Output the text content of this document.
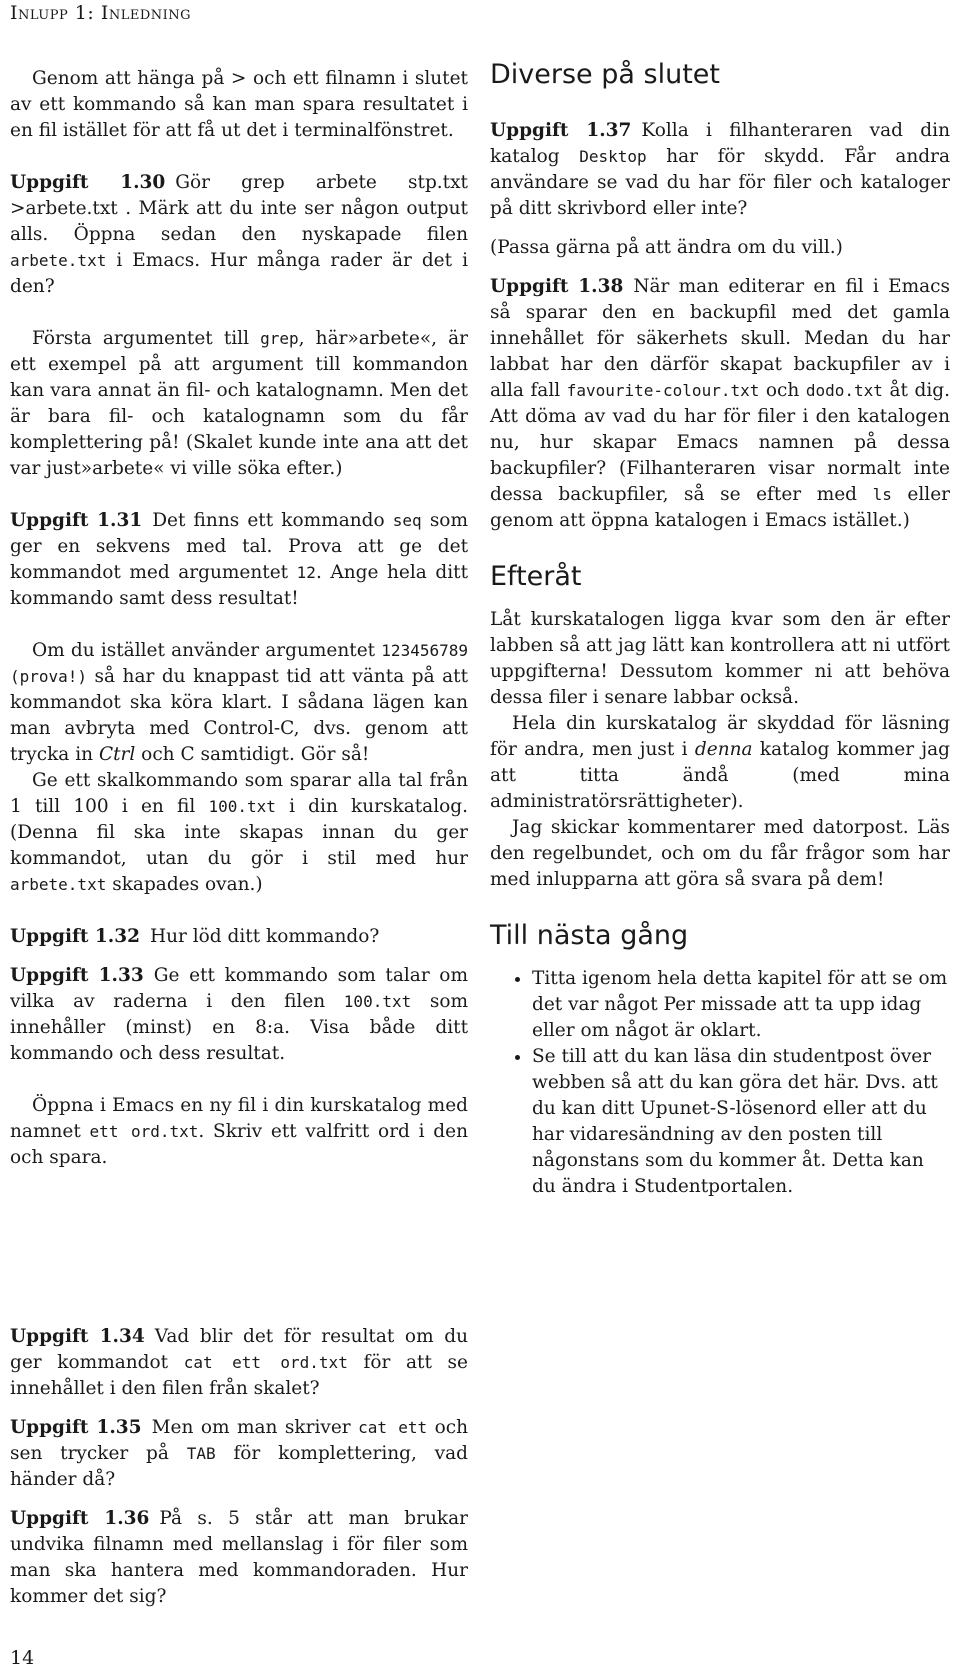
Inlupp 1: Inledning

Genom att hänga på > och ett filnamn i slutet av ett kommando så kan man spara resultatet i en fil istället för att få ut det i terminalfönstret.

Uppgift 1.30 Gör grep arbete stp.txt >arbete.txt . Märk att du inte ser någon output alls. Öppna sedan den nyskapade filen arbete.txt i Emacs. Hur många rader är det i den?

Första argumentet till grep, här»arbete«, är ett exempel på att argument till kommandon kan vara annat än fil- och katalognamn. Men det är bara fil- och katalognamn som du får komplettering på! (Skalet kunde inte ana att det var just»arbete« vi ville söka efter.)

Uppgift 1.31 Det finns ett kommando seq som ger en sekvens med tal. Prova att ge det kommandot med argumentet 12. Ange hela ditt kommando samt dess resultat!

Om du istället använder argumentet 123456789 (prova!) så har du knappast tid att vänta på att kommandot ska köra klart. I sådana lägen kan man avbryta med Control-C, dvs. genom att trycka in Ctrl och C samtidigt. Gör så!

Ge ett skalkommando som sparar alla tal från 1 till 100 i en fil 100.txt i din kurskatalog. (Denna fil ska inte skapas innan du ger kommandot, utan du gör i stil med hur arbete.txt skapades ovan.)

Uppgift 1.32 Hur löd ditt kommando?

Uppgift 1.33 Ge ett kommando som talar om vilka av raderna i den filen 100.txt som innehåller (minst) en 8:a. Visa både ditt kommando och dess resultat.

Öppna i Emacs en ny fil i din kurskatalog med namnet ett ord.txt. Skriv ett valfritt ord i den och spara.

Diverse på slutet

Uppgift 1.37 Kolla i filhanteraren vad din katalog Desktop har för skydd. Får andra användare se vad du har för filer och kataloger på ditt skrivbord eller inte?

(Passa gärna på att ändra om du vill.)

Uppgift 1.38 När man editerar en fil i Emacs så sparar den en backupfil med det gamla innehållet för säkerhets skull. Medan du har labbat har den därför skapat backupfiler av i alla fall favourite-colour.txt och dodo.txt åt dig. Att döma av vad du har för filer i den katalogen nu, hur skapar Emacs namnen på dessa backupfiler? (Filhanteraren visar normalt inte dessa backupfiler, så se efter med ls eller genom att öppna katalogen i Emacs istället.)

Efteråt

Låt kurskatalogen ligga kvar som den är efter labben så att jag lätt kan kontrollera att ni utfört uppgifterna! Dessutom kommer ni att behöva dessa filer i senare labbar också.

Hela din kurskatalog är skyddad för läsning för andra, men just i denna katalog kommer jag att titta ändå (med mina administratörsrättigheter).

Jag skickar kommentarer med datorpost. Läs den regelbundet, och om du får frågor som har med inlupparna att göra så svara på dem!

Till nästa gång
• Titta igenom hela detta kapitel för att se om det var något Per missade att ta upp idag eller om något är oklart.
• Se till att du kan läsa din studentpost över webben så att du kan göra det här. Dvs. att du kan ditt Upunet-S-lösenord eller att du har vidaresändning av den posten till någonstans som du kommer åt. Detta kan du ändra i Studentportalen.

Uppgift 1.34 Vad blir det för resultat om du ger kommandot cat ett ord.txt för att se innehållet i den filen från skalet?

Uppgift 1.35 Men om man skriver cat ett och sen trycker på TAB för komplettering, vad händer då?

Uppgift 1.36 På s. 5 står att man brukar undvika filnamn med mellanslag i för filer som man ska hantera med kommandoraden. Hur kommer det sig?

14
